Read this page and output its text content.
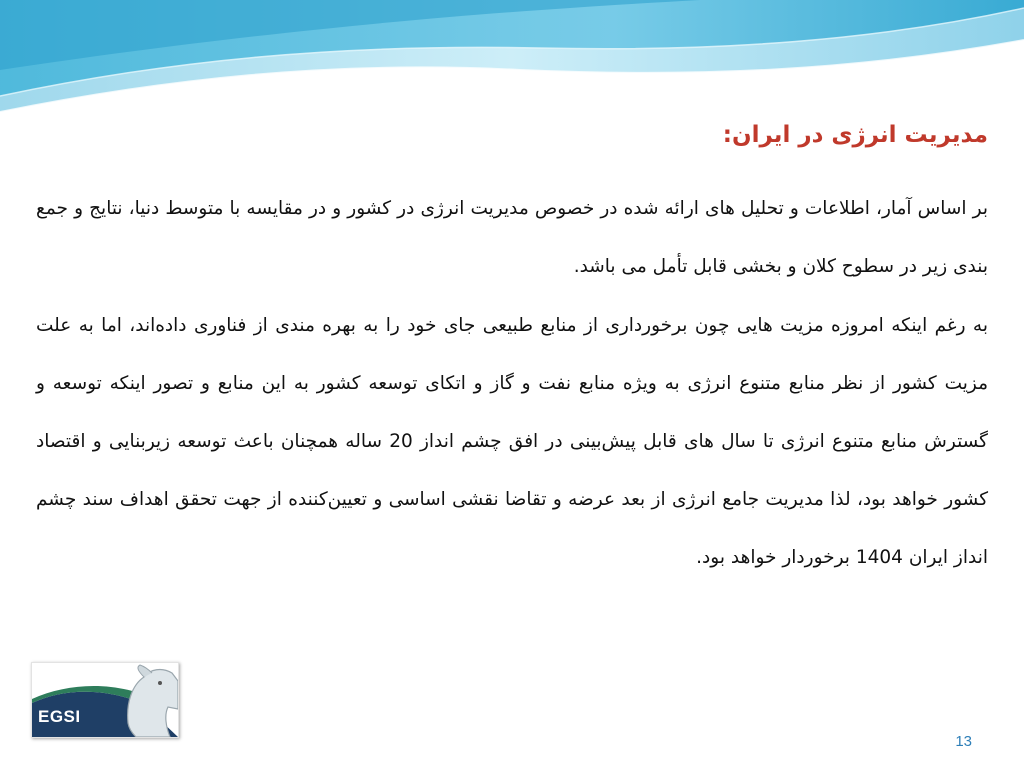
مدیریت انرژی در ایران:

بر اساس آمار، اطلاعات و تحلیل های ارائه شده در خصوص مدیریت انرژی در کشور و در مقایسه با متوسط دنیا، نتایج و جمع بندی زیر در سطوح کلان و بخشی قابل تأمل می باشد.

به رغم اینکه امروزه مزیت هایی چون برخورداری از منابع طبیعی جای خود را به بهره مندی از فناوری داده‌اند، اما به علت مزیت کشور از نظر منابع متنوع انرژی به ویژه منابع نفت و گاز و اتکای توسعه کشور به این منابع و تصور اینکه توسعه و گسترش منابع متنوع انرژی تا سال های قابل پیش‌بینی در افق چشم انداز 20 ساله همچنان باعث توسعه زیربنایی و اقتصاد کشور خواهد بود، لذا مدیریت جامع انرژی از بعد عرضه و تقاضا نقشی اساسی و تعیین‌کننده از جهت تحقق اهداف سند چشم انداز ایران 1404 برخوردار خواهد بود.

EGSI
13
